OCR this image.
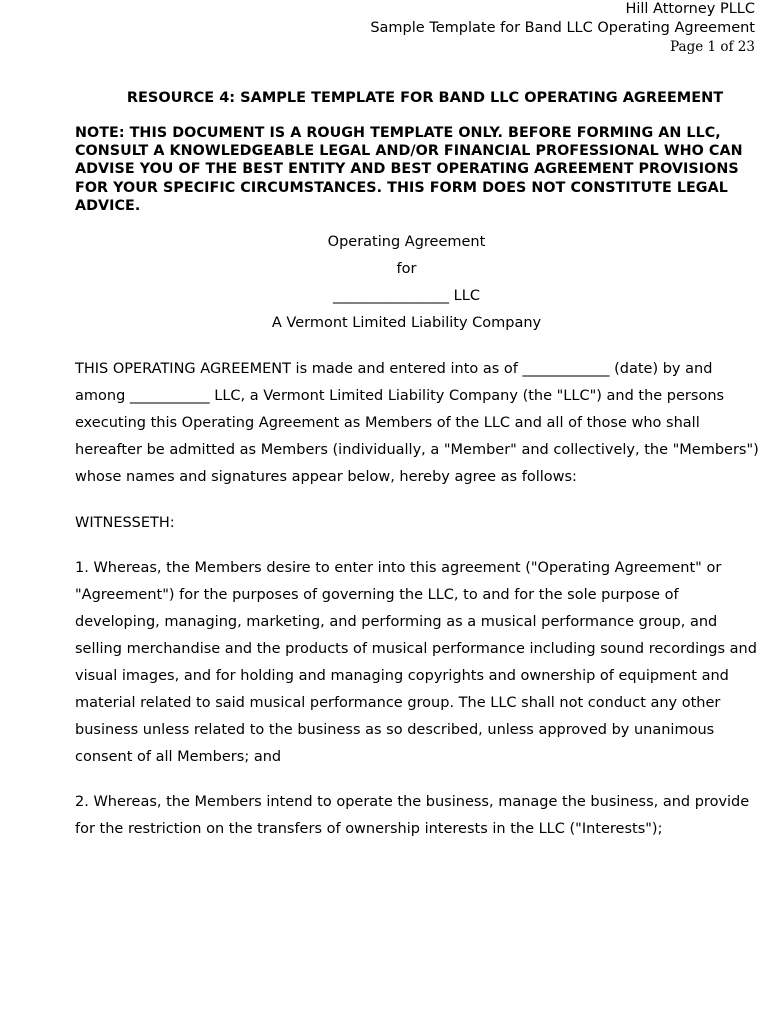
Hill Attorney PLLC
Sample Template for Band LLC Operating Agreement
Page 1 of 23

RESOURCE 4: SAMPLE TEMPLATE FOR BAND LLC OPERATING AGREEMENT

NOTE: THIS DOCUMENT IS A ROUGH TEMPLATE ONLY. BEFORE FORMING AN LLC, CONSULT A KNOWLEDGEABLE LEGAL AND/OR FINANCIAL PROFESSIONAL WHO CAN ADVISE YOU OF THE BEST ENTITY AND BEST OPERATING AGREEMENT PROVISIONS FOR YOUR SPECIFIC CIRCUMSTANCES. THIS FORM DOES NOT CONSTITUTE LEGAL ADVICE.

Operating Agreement
for
________________ LLC
A Vermont Limited Liability Company

THIS OPERATING AGREEMENT is made and entered into as of ____________ (date) by and among ___________ LLC, a Vermont Limited Liability Company (the "LLC") and the persons executing this Operating Agreement as Members of the LLC and all of those who shall hereafter be admitted as Members (individually, a "Member" and collectively, the "Members") whose names and signatures appear below, hereby agree as follows:

WITNESSETH:

1. Whereas, the Members desire to enter into this agreement ("Operating Agreement" or "Agreement") for the purposes of governing the LLC, to and for the sole purpose of developing, managing, marketing, and performing as a musical performance group, and selling merchandise and the products of musical performance including sound recordings and visual images, and for holding and managing copyrights and ownership of equipment and material related to said musical performance group. The LLC shall not conduct any other business unless related to the business as so described, unless approved by unanimous consent of all Members; and

2. Whereas, the Members intend to operate the business, manage the business, and provide for the restriction on the transfers of ownership interests in the LLC ("Interests");
